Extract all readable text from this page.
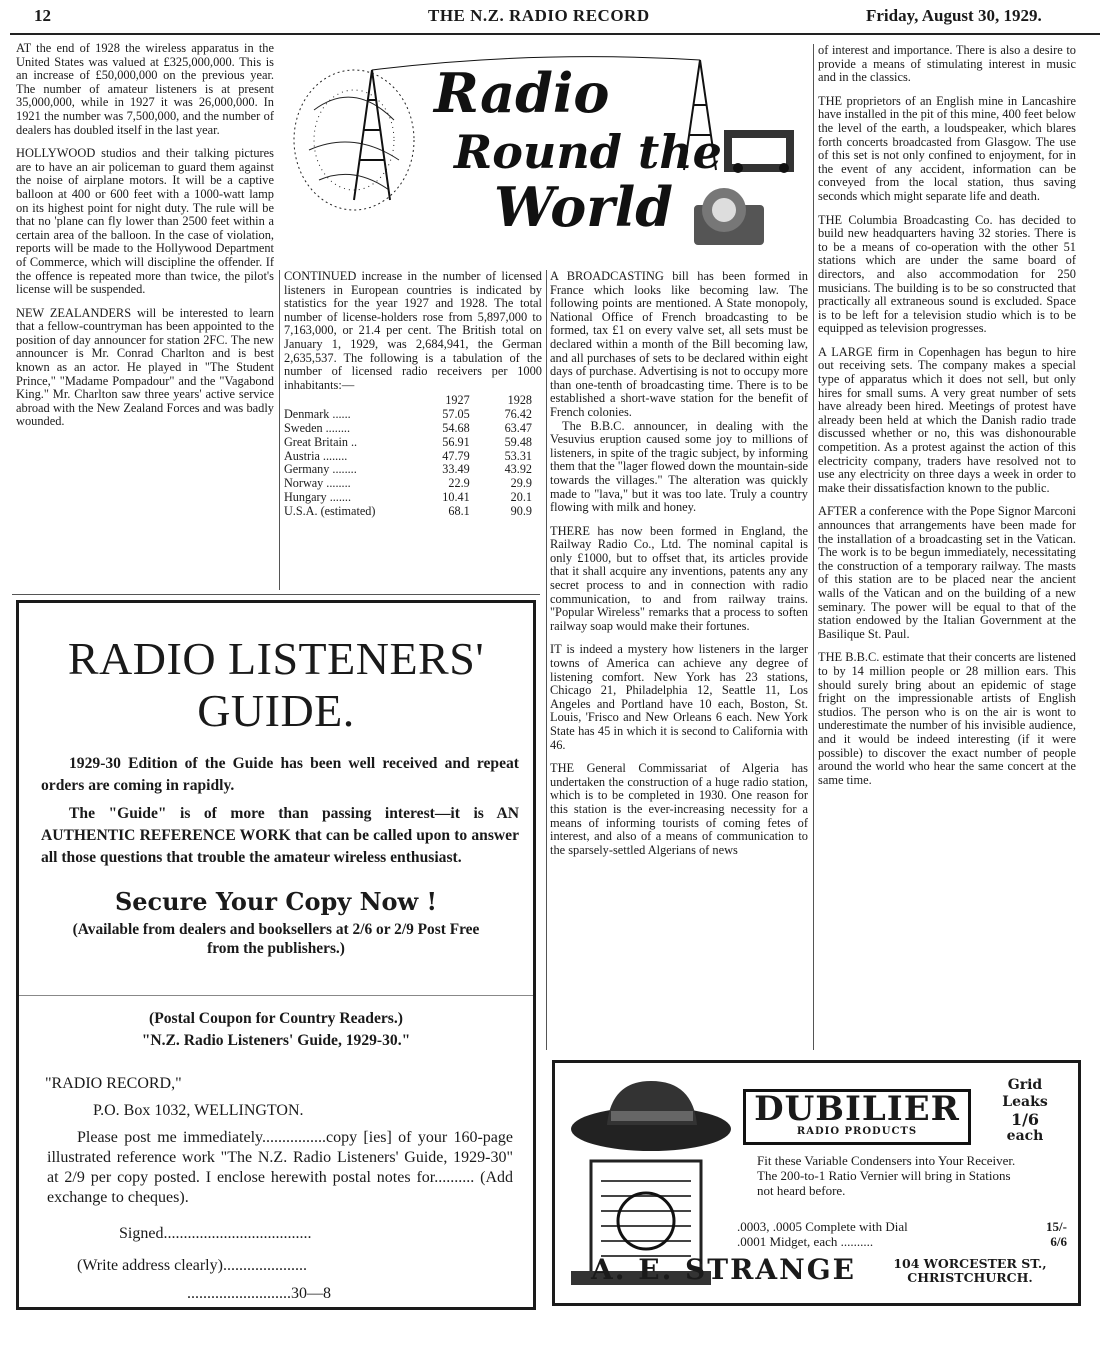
12	THE N.Z. RADIO RECORD	Friday, August 30, 1929.

AT the end of 1928 the wireless apparatus in the United States was valued at £325,000,000. This is an increase of £50,000,000 on the previous year. The number of amateur listeners is at present 35,000,000, while in 1927 it was 26,000,000. In 1921 the number was 7,500,000, and the number of dealers has doubled itself in the last year.

HOLLYWOOD studios and their talking pictures are to have an air policeman to guard them against the noise of airplane motors. It will be a captive balloon at 400 or 600 feet with a 1000-watt lamp on its highest point for night duty. The rule will be that no 'plane can fly lower than 2500 feet within a certain area of the balloon. In the case of violation, reports will be made to the Hollywood Department of Commerce, which will discipline the offender. If the offence is repeated more than twice, the pilot's license will be suspended.

NEW ZEALANDERS will be interested to learn that a fellow-countryman has been appointed to the position of day announcer for station 2FC. The new announcer is Mr. Conrad Charlton and is best known as an actor. He played in "The Student Prince," "Madame Pompadour" and the "Vagabond King." Mr. Charlton saw three years' active service abroad with the New Zealand Forces and was badly wounded.

Radio
Round the
World

CONTINUED increase in the number of licensed listeners in European countries is indicated by statistics for the year 1927 and 1928. The total number of license-holders rose from 5,897,000 to 7,163,000, or 21.4 per cent. The British total on January 1, 1929, was 2,684,941, the German 2,635,537. The following is a tabulation of the number of licensed radio receivers per 1000 inhabitants:—

	1927	1928
Denmark ......	57.05	76.42
Sweden ........	54.68	63.47
Great Britain ..	56.91	59.48
Austria ........	47.79	53.31
Germany ........	33.49	43.92
Norway ........	22.9	29.9
Hungary .......	10.41	20.1
U.S.A. (estimated)	68.1	90.9

A BROADCASTING bill has been formed in France which looks like becoming law. The following points are mentioned. A State monopoly, National Office of French broadcasting to be formed, tax £1 on every valve set, all sets must be declared within a month of the Bill becoming law, and all purchases of sets to be declared within eight days of purchase. Advertising is not to occupy more than one-tenth of broadcasting time. There is to be established a short-wave station for the benefit of French colonies.

The B.B.C. announcer, in dealing with the Vesuvius eruption caused some joy to millions of listeners, in spite of the tragic subject, by informing them that the "lager flowed down the mountain-side towards the villages." The alteration was quickly made to "lava," but it was too late. Truly a country flowing with milk and honey.

THERE has now been formed in England, the Railway Radio Co., Ltd. The nominal capital is only £1000, but to offset that, its articles provide that it shall acquire any inventions, patents any any secret process to and in connection with radio communication, to and from railway trains. "Popular Wireless" remarks that a process to soften railway soap would make their fortunes.

IT is indeed a mystery how listeners in the larger towns of America can achieve any degree of listening comfort. New York has 23 stations, Chicago 21, Philadelphia 12, Seattle 11, Los Angeles and Portland have 10 each, Boston, St. Louis, 'Frisco and New Orleans 6 each. New York State has 45 in which it is second to California with 46.

THE General Commissariat of Algeria has undertaken the construction of a huge radio station, which is to be completed in 1930. One reason for this station is the ever-increasing necessity for a means of informing tourists of coming fetes of interest, and also of a means of communication to the sparsely-settled Algerians of news

of interest and importance. There is also a desire to provide a means of stimulating interest in music and in the classics.

THE proprietors of an English mine in Lancashire have installed in the pit of this mine, 400 feet below the level of the earth, a loudspeaker, which blares forth concerts broadcasted from Glasgow. The use of this set is not only confined to enjoyment, for in the event of any accident, information can be conveyed from the local station, thus saving seconds which might separate life and death.

THE Columbia Broadcasting Co. has decided to build new headquarters having 32 stories. There is to be a means of co-operation with the other 51 stations which are under the same board of directors, and also accommodation for 250 musicians. The building is to be so constructed that practically all extraneous sound is excluded. Space is to be left for a television studio which is to be equipped as television progresses.

A LARGE firm in Copenhagen has begun to hire out receiving sets. The company makes a special type of apparatus which it does not sell, but only hires for small sums. A very great number of sets have already been hired. Meetings of protest have already been held at which the Danish radio trade discussed whether or no, this was dishonourable competition. As a protest against the action of this electricity company, traders have resolved not to use any electricity on three days a week in order to make their dissatisfaction known to the public.

AFTER a conference with the Pope Signor Marconi announces that arrangements have been made for the installation of a broadcasting set in the Vatican. The work is to be begun immediately, necessitating the construction of a temporary railway. The masts of this station are to be placed near the ancient walls of the Vatican and on the building of a new seminary. The power will be equal to that of the station endowed by the Italian Government at the Basilique St. Paul.

THE B.B.C. estimate that their concerts are listened to by 14 million people or 28 million ears. This should surely bring about an epidemic of stage fright on the impressionable artists of English studios. The person who is on the air is wont to underestimate the number of his invisible audience, and it would be indeed interesting (if it were possible) to discover the exact number of people around the world who hear the same concert at the same time.

RADIO LISTENERS'
GUIDE.

1929-30 Edition of the Guide has been well received and repeat orders are coming in rapidly.

The "Guide" is of more than passing interest—it is AN AUTHENTIC REFERENCE WORK that can be called upon to answer all those questions that trouble the amateur wireless enthusiast.

Secure Your Copy Now !

(Available from dealers and booksellers at 2/6 or 2/9 Post Free from the publishers.)

(Postal Coupon for Country Readers.)

"N.Z. Radio Listeners' Guide, 1929-30."

"RADIO RECORD,"

P.O. Box 1032, WELLINGTON.

Please post me immediately................copy [ies] of your 160-page illustrated reference work "The N.Z. Radio Listeners' Guide, 1929-30" at 2/9 per copy posted. I enclose herewith postal notes for.......... (Add exchange to cheques).

Signed.....................................

(Write address clearly).....................

..........................30—8

DUBILIER
RADIO PRODUCTS
Grid Leaks
1/6
each

Fit these Variable Condensers into Your Receiver. The 200-to-1 Ratio Vernier will bring in Stations not heard before.

.0003, .0005 Complete with Dial	15/-
.0001 Midget, each ..........	6/6
A. E. STRANGE	104 WORCESTER ST.,
CHRISTCHURCH.
